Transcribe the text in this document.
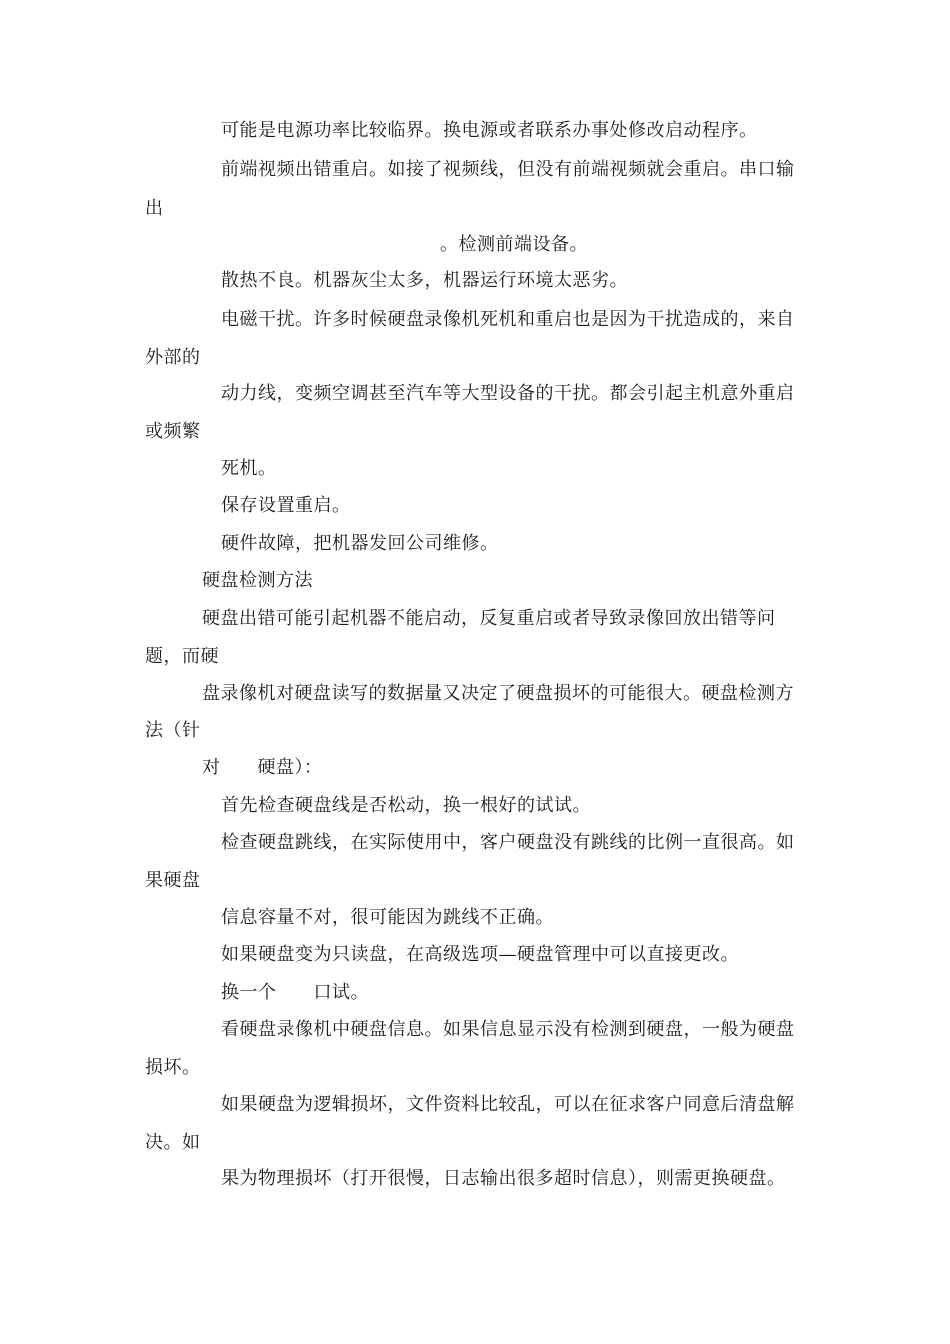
可能是电源功率比较临界。换电源或者联系办事处修改启动程序。
前端视频出错重启。如接了视频线，但没有前端视频就会重启。串口输
出
。检测前端设备。
散热不良。机器灰尘太多，机器运行环境太恶劣。
电磁干扰。许多时候硬盘录像机死机和重启也是因为干扰造成的，来自
外部的
动力线，变频空调甚至汽车等大型设备的干扰。都会引起主机意外重启
或频繁
死机。
保存设置重启。
硬件故障，把机器发回公司维修。
硬盘检测方法
硬盘出错可能引起机器不能启动，反复重启或者导致录像回放出错等问
题，而硬
盘录像机对硬盘读写的数据量又决定了硬盘损坏的可能很大。硬盘检测方
法（针
对　　硬盘）：
首先检查硬盘线是否松动，换一根好的试试。
检查硬盘跳线，在实际使用中，客户硬盘没有跳线的比例一直很高。如
果硬盘
信息容量不对，很可能因为跳线不正确。
如果硬盘变为只读盘，在高级选项—硬盘管理中可以直接更改。
换一个　　口试。
看硬盘录像机中硬盘信息。如果信息显示没有检测到硬盘，一般为硬盘
损坏。
如果硬盘为逻辑损坏，文件资料比较乱，可以在征求客户同意后清盘解
决。如
果为物理损坏（打开很慢，日志输出很多超时信息），则需更换硬盘。
